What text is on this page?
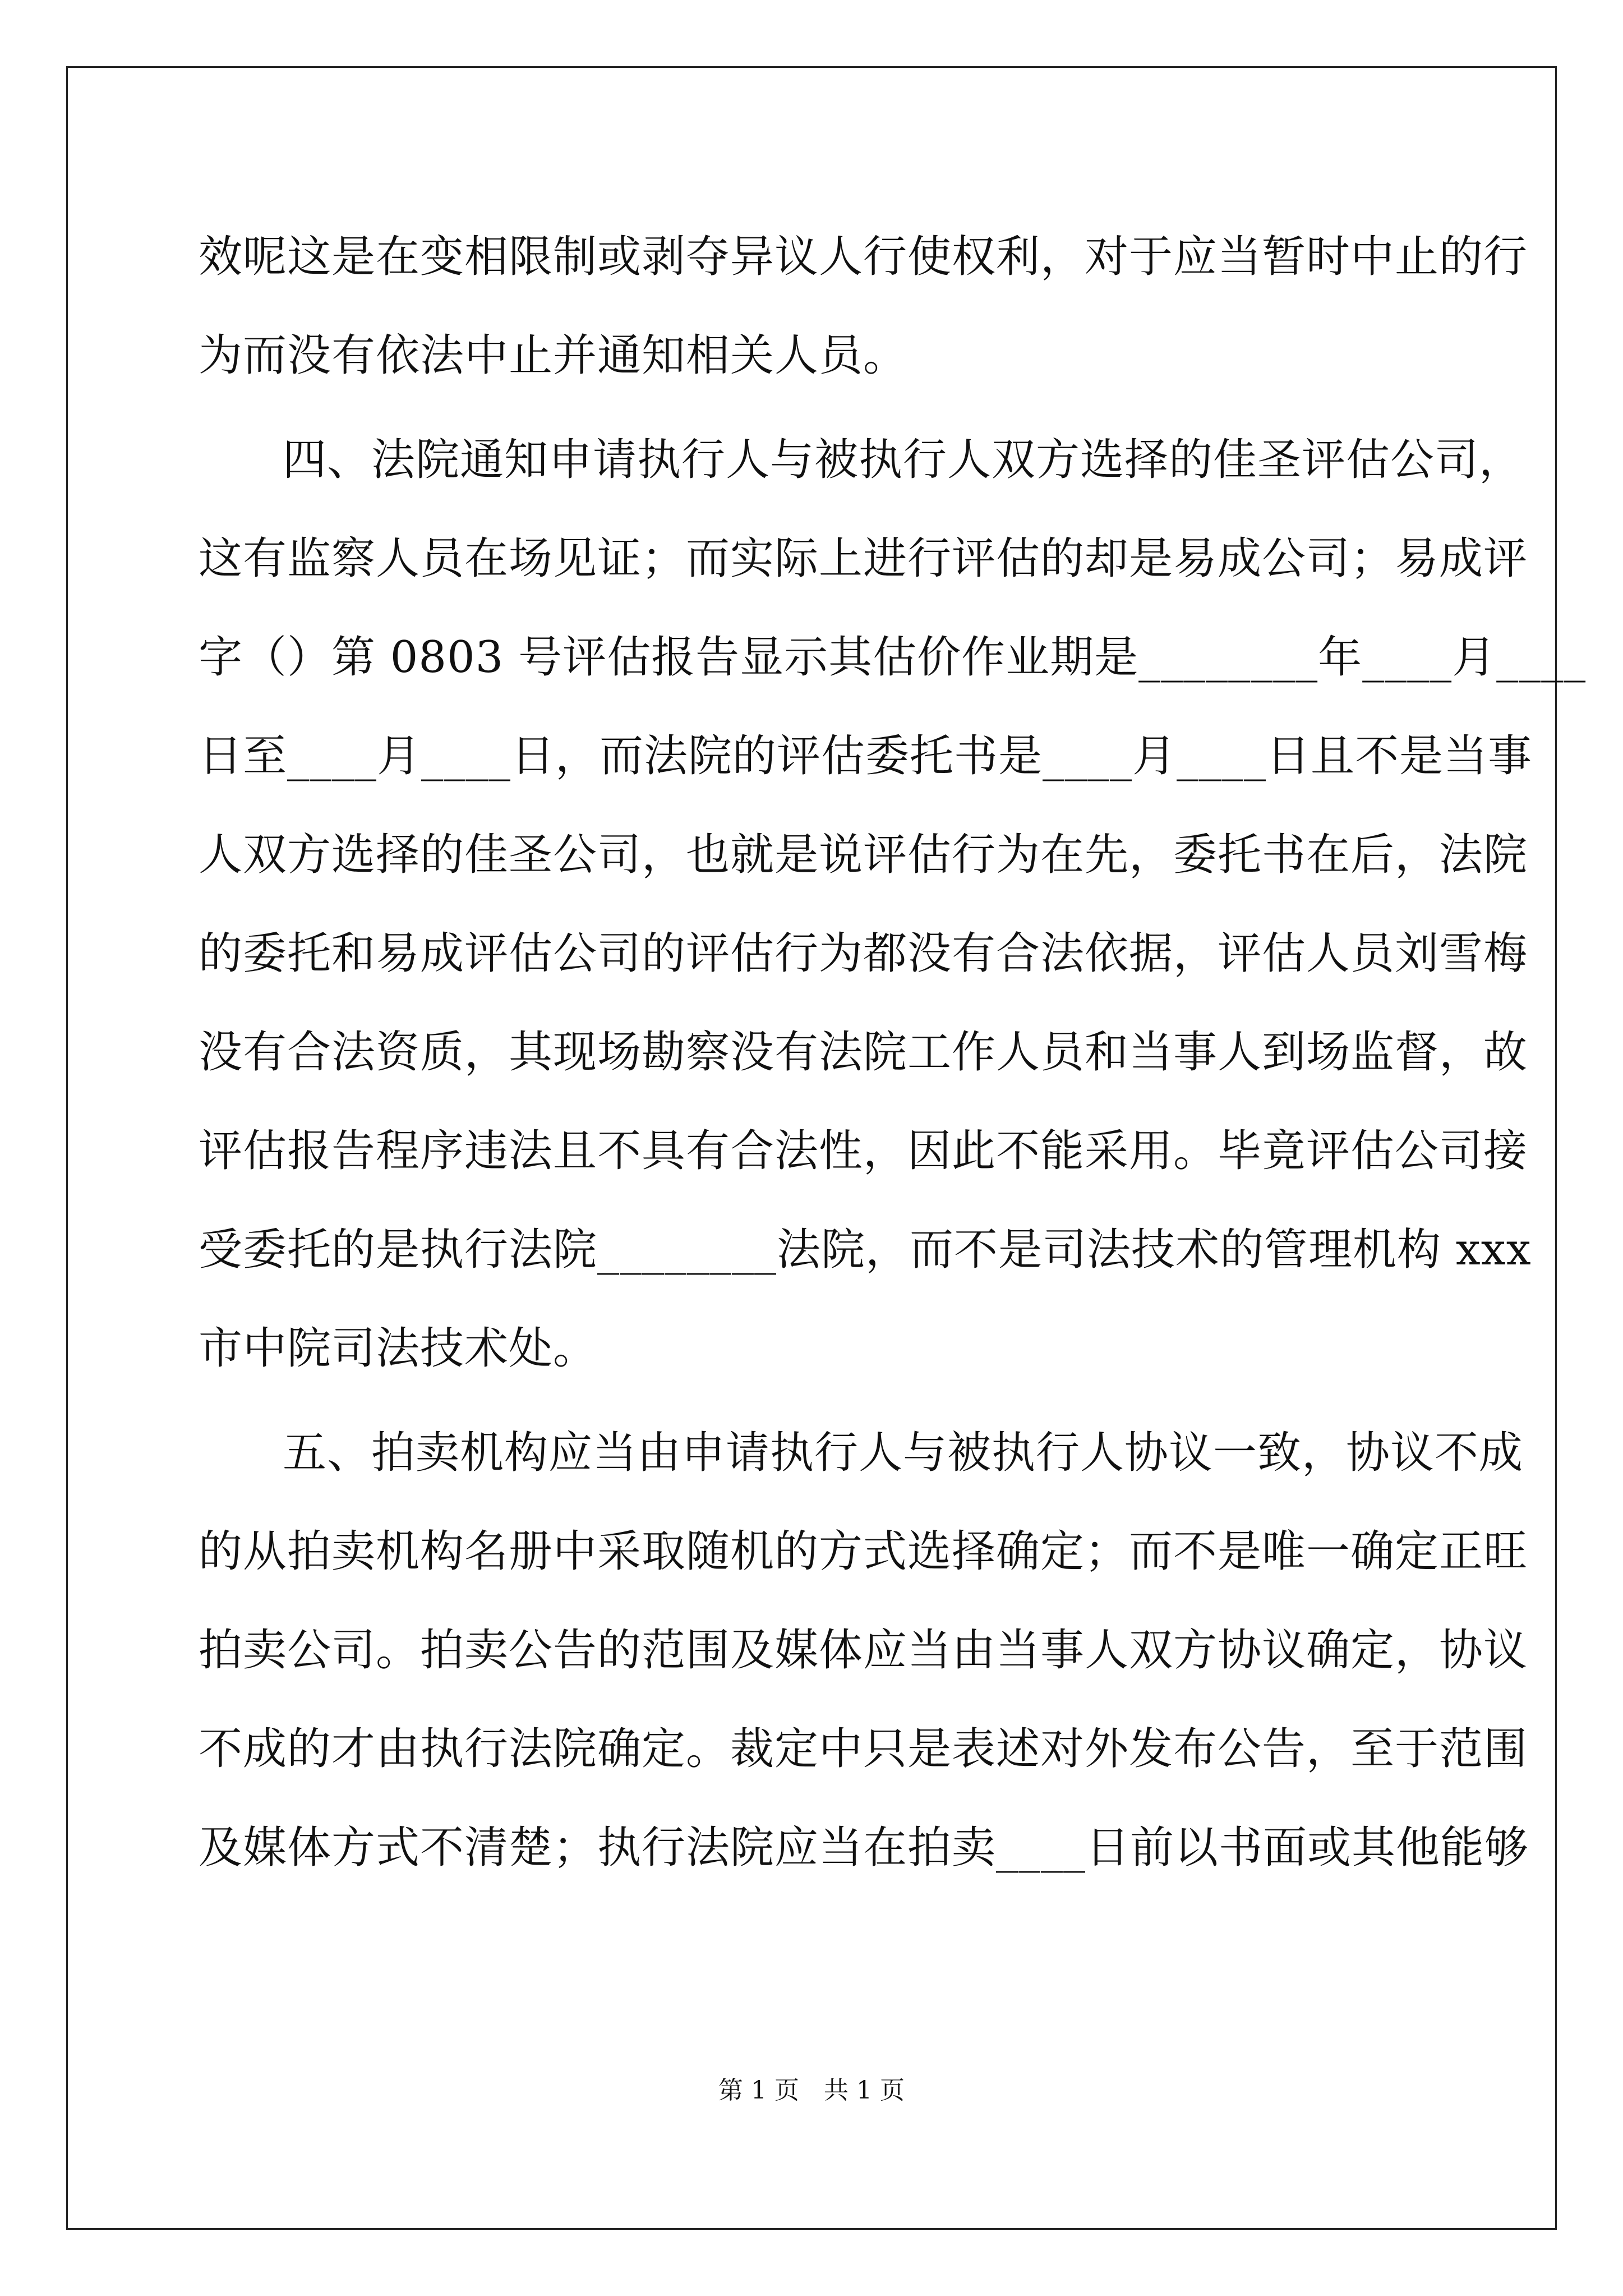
效呢这是在变相限制或剥夺异议人行使权利，对于应当暂时中止的行
为而没有依法中止并通知相关人员。
四、法院通知申请执行人与被执行人双方选择的佳圣评估公司，
这有监察人员在场见证；而实际上进行评估的却是易成公司；易成评
字（）第 0803 号评估报告显示其估价作业期是________年____月____
日至____月____日，而法院的评估委托书是____月____日且不是当事
人双方选择的佳圣公司，也就是说评估行为在先，委托书在后，法院
的委托和易成评估公司的评估行为都没有合法依据，评估人员刘雪梅
没有合法资质，其现场勘察没有法院工作人员和当事人到场监督，故
评估报告程序违法且不具有合法性，因此不能采用。毕竟评估公司接
受委托的是执行法院________法院，而不是司法技术的管理机构 xxx
市中院司法技术处。
五、拍卖机构应当由申请执行人与被执行人协议一致，协议不成
的从拍卖机构名册中采取随机的方式选择确定；而不是唯一确定正旺
拍卖公司。拍卖公告的范围及媒体应当由当事人双方协议确定，协议
不成的才由执行法院确定。裁定中只是表述对外发布公告，至于范围
及媒体方式不清楚；执行法院应当在拍卖____日前以书面或其他能够
第 1 页　共 1 页
